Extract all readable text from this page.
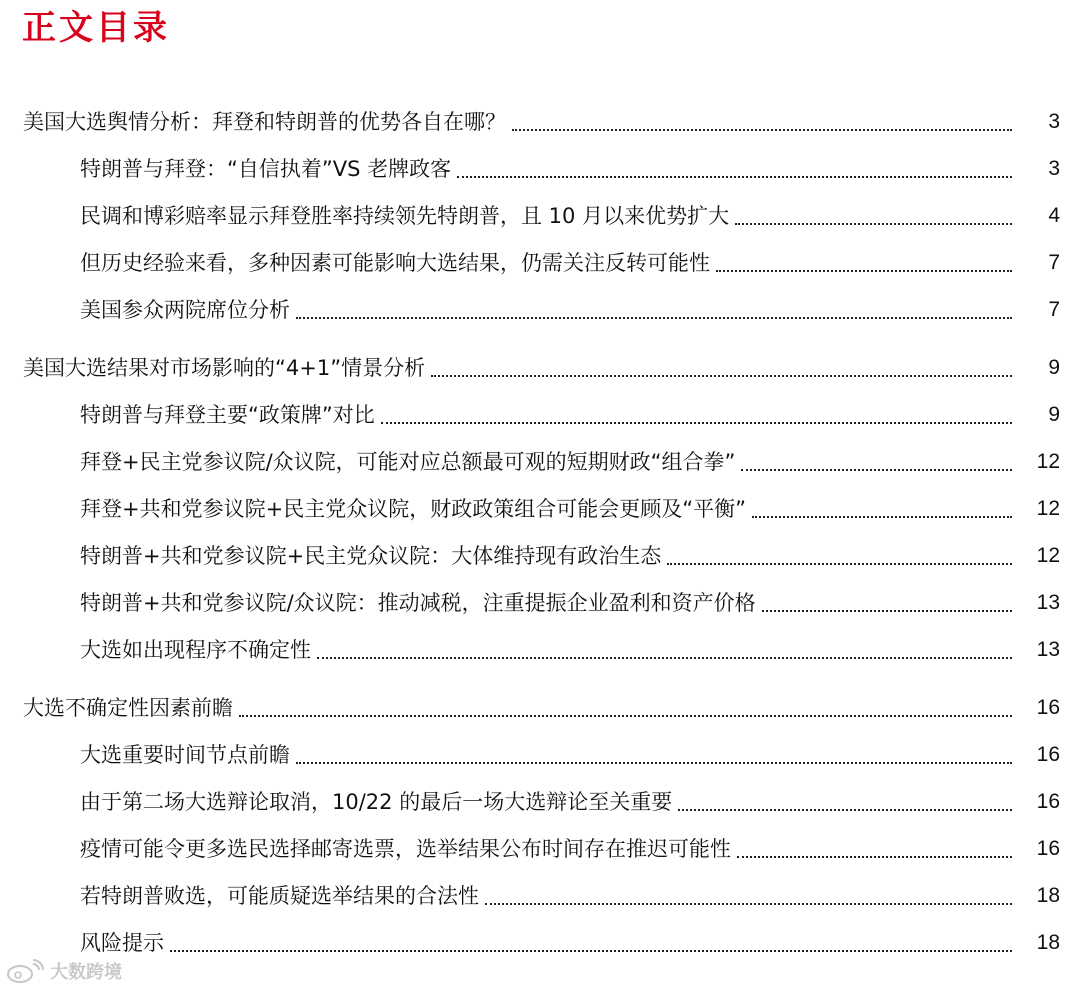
正文目录
美国大选舆情分析：拜登和特朗普的优势各自在哪？	3
特朗普与拜登：“自信执着”VS 老牌政客	3
民调和博彩赔率显示拜登胜率持续领先特朗普，且 10 月以来优势扩大	4
但历史经验来看，多种因素可能影响大选结果，仍需关注反转可能性	7
美国参众两院席位分析	7
美国大选结果对市场影响的“4+1”情景分析	9
特朗普与拜登主要“政策牌”对比	9
拜登+民主党参议院/众议院，可能对应总额最可观的短期财政“组合拳”	12
拜登+共和党参议院+民主党众议院，财政政策组合可能会更顾及“平衡”	12
特朗普+共和党参议院+民主党众议院：大体维持现有政治生态	12
特朗普+共和党参议院/众议院：推动减税，注重提振企业盈利和资产价格	13
大选如出现程序不确定性	13
大选不确定性因素前瞻	16
大选重要时间节点前瞻	16
由于第二场大选辩论取消，10/22 的最后一场大选辩论至关重要	16
疫情可能令更多选民选择邮寄选票，选举结果公布时间存在推迟可能性	16
若特朗普败选，可能质疑选举结果的合法性	18
风险提示	18
大数跨境
